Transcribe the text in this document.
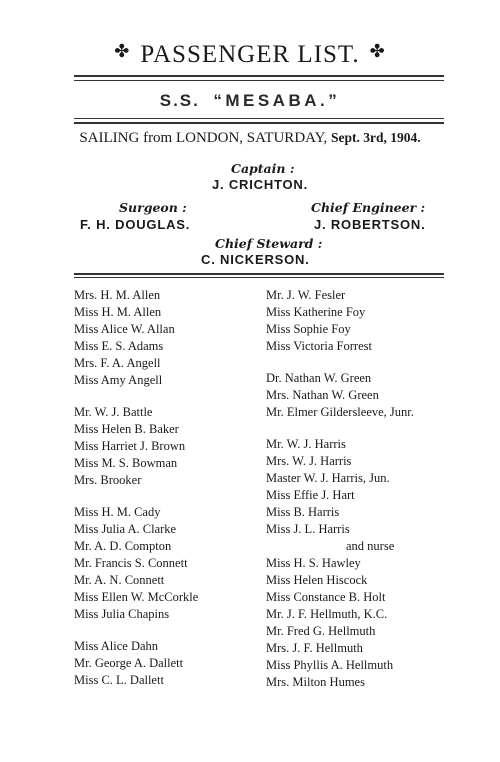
✤ PASSENGER LIST. ✤
S.S. “MESABA.”
SAILING from LONDON, SATURDAY, Sept. 3rd, 1904.
Captain :
J. CRICHTON.
Surgeon :
F. H. DOUGLAS.
Chief Engineer :
J. ROBERTSON.
Chief Steward :
C. NICKERSON.
Mrs. H. M. Allen
Miss H. M. Allen
Miss Alice W. Allan
Miss E. S. Adams
Mrs. F. A. Angell
Miss Amy Angell
Mr. W. J. Battle
Miss Helen B. Baker
Miss Harriet J. Brown
Miss M. S. Bowman
Mrs. Brooker
Miss H. M. Cady
Miss Julia A. Clarke
Mr. A. D. Compton
Mr. Francis S. Connett
Mr. A. N. Connett
Miss Ellen W. McCorkle
Miss Julia Chapins
Miss Alice Dahn
Mr. George A. Dallett
Miss C. L. Dallett
Mr. J. W. Fesler
Miss Katherine Foy
Miss Sophie Foy
Miss Victoria Forrest
Dr. Nathan W. Green
Mrs. Nathan W. Green
Mr. Elmer Gildersleeve, Junr.
Mr. W. J. Harris
Mrs. W. J. Harris
Master W. J. Harris, Jun.
Miss Effie J. Hart
Miss B. Harris
Miss J. L. Harris
and nurse
Miss H. S. Hawley
Miss Helen Hiscock
Miss Constance B. Holt
Mr. J. F. Hellmuth, K.C.
Mr. Fred G. Hellmuth
Mrs. J. F. Hellmuth
Miss Phyllis A. Hellmuth
Mrs. Milton Humes
